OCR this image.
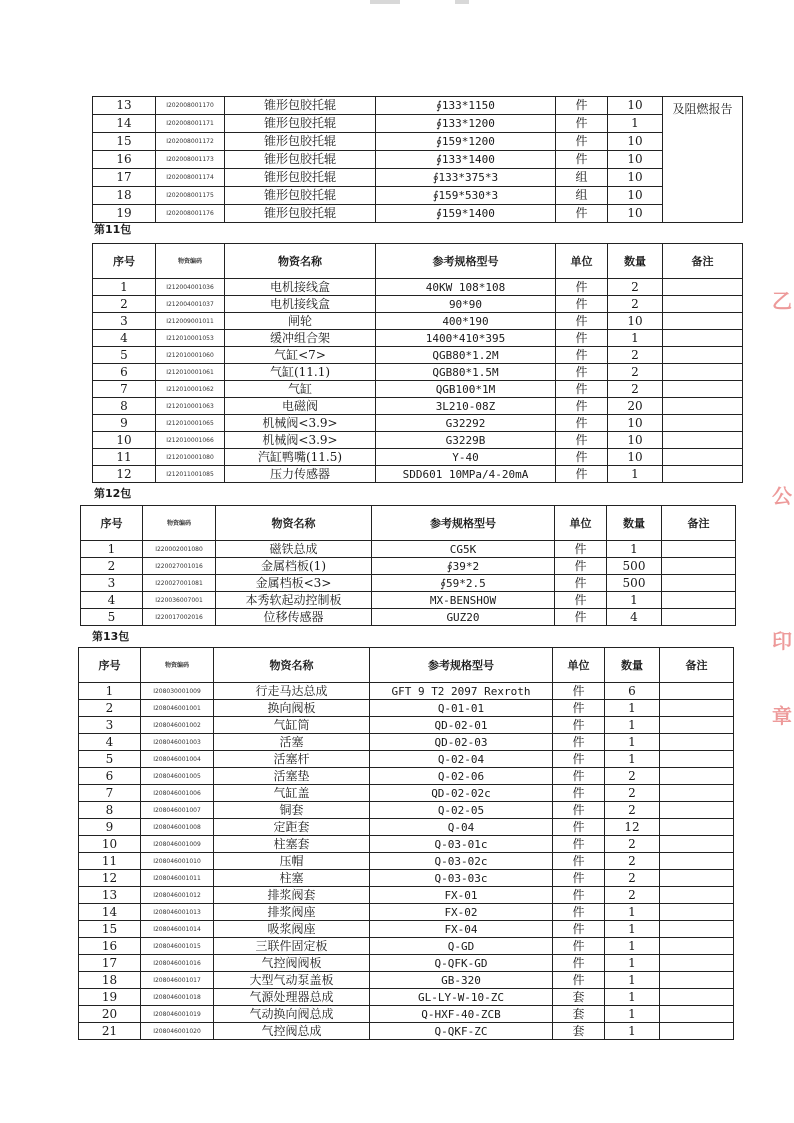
13	I202008001170	锥形包胶托辊	∮133*1150	件	10	及阻燃报告
14	I202008001171	锥形包胶托辊	∮133*1200	件	1	
15	I202008001172	锥形包胶托辊	∮159*1200	件	10	
16	I202008001173	锥形包胶托辊	∮133*1400	件	10	
17	I202008001174	锥形包胶托辊	∮133*375*3	组	10	
18	I202008001175	锥形包胶托辊	∮159*530*3	组	10	
19	I202008001176	锥形包胶托辊	∮159*1400	件	10	
第11包
序号	物资编码	物资名称	参考规格型号	单位	数量	备注
1	I212004001036	电机接线盒	40KW 108*108	件	2	
2	I212004001037	电机接线盒	90*90	件	2	
3	I212009001011	闸轮	400*190	件	10	
4	I212010001053	缓冲组合架	1400*410*395	件	1	
5	I212010001060	气缸<7>	QGB80*1.2M	件	2	
6	I212010001061	气缸(11.1)	QGB80*1.5M	件	2	
7	I212010001062	气缸	QGB100*1M	件	2	
8	I212010001063	电磁阀	3L210-08Z	件	20	
9	I212010001065	机械阀<3.9>	G32292	件	10	
10	I212010001066	机械阀<3.9>	G3229B	件	10	
11	I212010001080	汽缸鸭嘴(11.5)	Y-40	件	10	
12	I212011001085	压力传感器	SDD601 10MPa/4-20mA	件	1	
第12包
序号	物资编码	物资名称	参考规格型号	单位	数量	备注
1	I220002001080	磁铁总成	CG5K	件	1	
2	I220027001016	金属档板(1)	∮39*2	件	500	
3	I220027001081	金属档板<3>	∮59*2.5	件	500	
4	I220036007001	本秀软起动控制板	MX-BENSHOW	件	1	
5	I220017002016	位移传感器	GUZ20	件	4	
第13包
序号	物资编码	物资名称	参考规格型号	单位	数量	备注
1	I208030001009	行走马达总成	GFT 9 T2 2097 Rexroth	件	6	
2	I208046001001	换向阀板	Q-01-01	件	1	
3	I208046001002	气缸筒	QD-02-01	件	1	
4	I208046001003	活塞	QD-02-03	件	1	
5	I208046001004	活塞杆	Q-02-04	件	1	
6	I208046001005	活塞垫	Q-02-06	件	2	
7	I208046001006	气缸盖	QD-02-02c	件	2	
8	I208046001007	铜套	Q-02-05	件	2	
9	I208046001008	定距套	Q-04	件	12	
10	I208046001009	柱塞套	Q-03-01c	件	2	
11	I208046001010	压帽	Q-03-02c	件	2	
12	I208046001011	柱塞	Q-03-03c	件	2	
13	I208046001012	排浆阀套	FX-01	件	2	
14	I208046001013	排浆阀座	FX-02	件	1	
15	I208046001014	吸浆阀座	FX-04	件	1	
16	I208046001015	三联件固定板	Q-GD	件	1	
17	I208046001016	气控阀阀板	Q-QFK-GD	件	1	
18	I208046001017	大型气动泵盖板	GB-320	件	1	
19	I208046001018	气源处理器总成	GL-LY-W-10-ZC	套	1	
20	I208046001019	气动换向阀总成	Q-HXF-40-ZCB	套	1	
21	I208046001020	气控阀总成	Q-QKF-ZC	套	1	
乙
公
印
章
